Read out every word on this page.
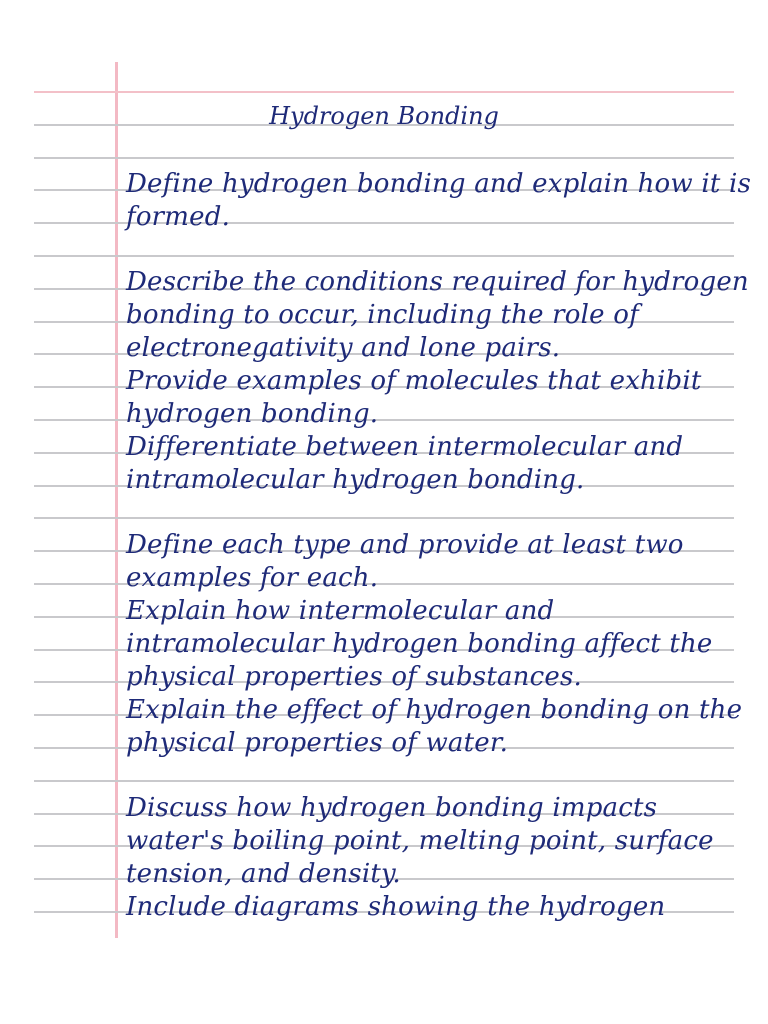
Hydrogen Bonding
Define hydrogen bonding and explain how it is
formed.
Describe the conditions required for hydrogen
bonding to occur, including the role of
electronegativity and lone pairs.
Provide examples of molecules that exhibit
hydrogen bonding.
Differentiate between intermolecular and
intramolecular hydrogen bonding.
Define each type and provide at least two
examples for each.
Explain how intermolecular and
intramolecular hydrogen bonding affect the
physical properties of substances.
Explain the effect of hydrogen bonding on the
physical properties of water.
Discuss how hydrogen bonding impacts
water's boiling point, melting point, surface
tension, and density.
Include diagrams showing the hydrogen
